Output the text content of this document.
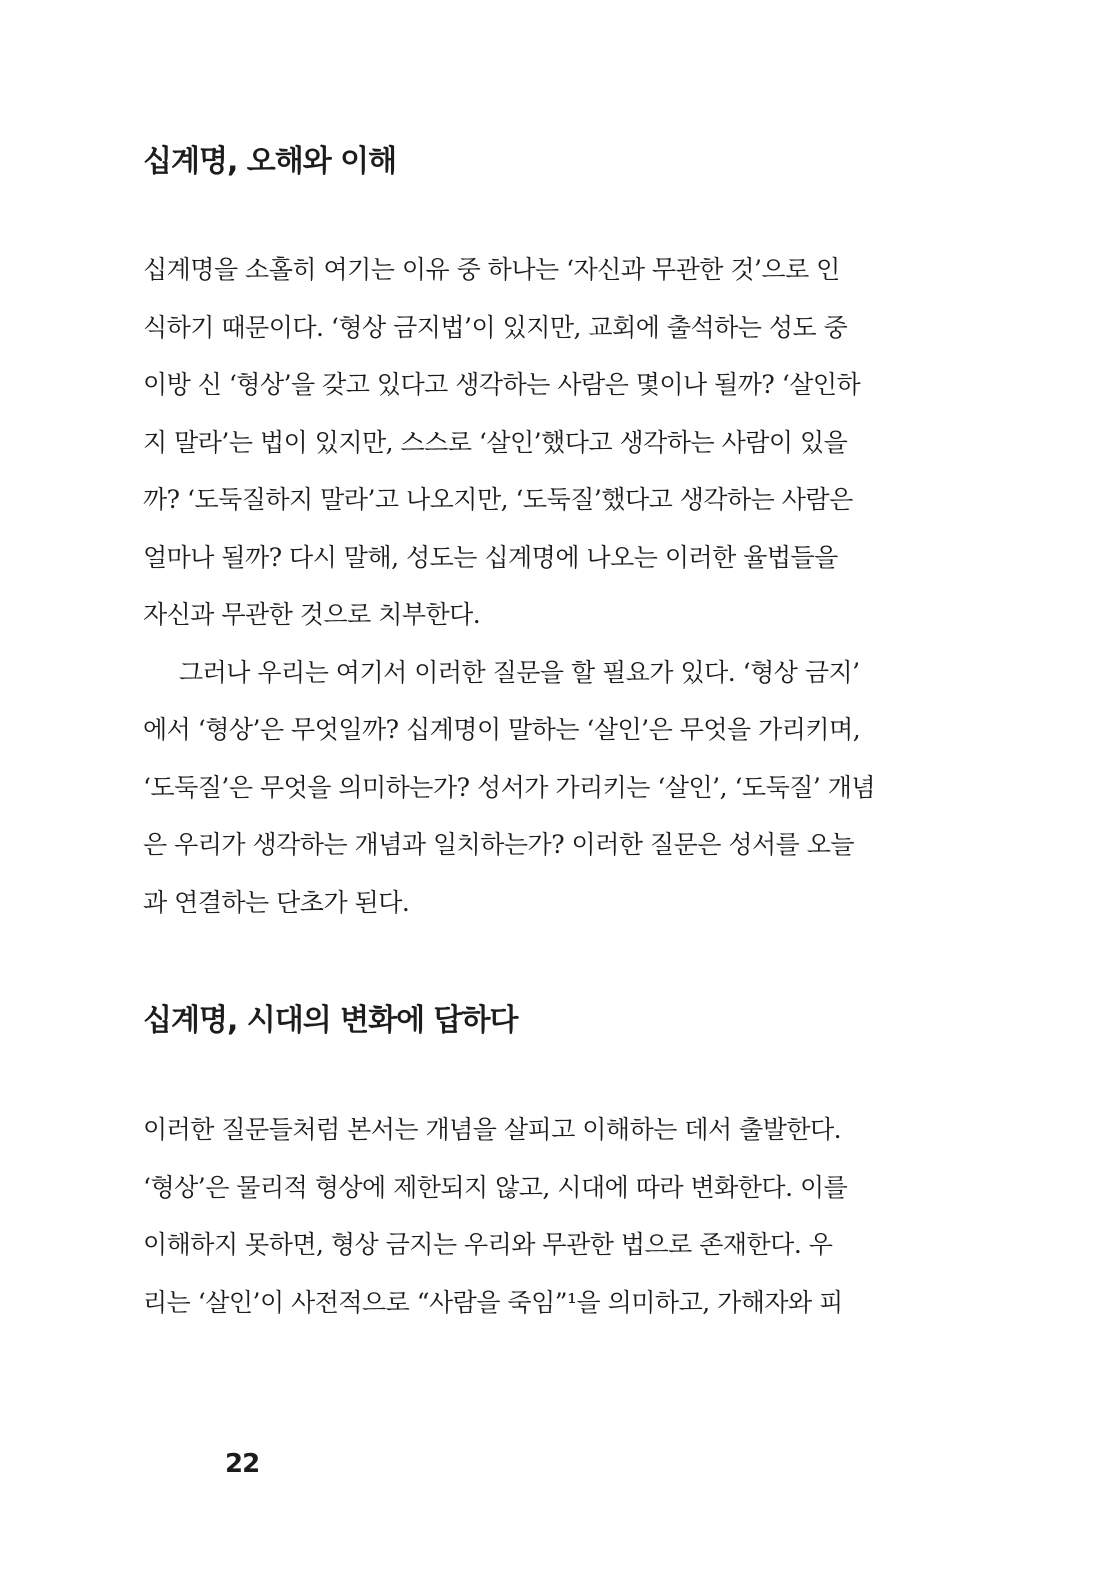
십계명, 오해와 이해
십계명을 소홀히 여기는 이유 중 하나는 ‘자신과 무관한 것’으로 인
식하기 때문이다. ‘형상 금지법’이 있지만, 교회에 출석하는 성도 중
이방 신 ‘형상’을 갖고 있다고 생각하는 사람은 몇이나 될까? ‘살인하
지 말라’는 법이 있지만, 스스로 ‘살인’했다고 생각하는 사람이 있을
까? ‘도둑질하지 말라’고 나오지만, ‘도둑질’했다고 생각하는 사람은
얼마나 될까? 다시 말해, 성도는 십계명에 나오는 이러한 율법들을
자신과 무관한 것으로 치부한다.
그러나 우리는 여기서 이러한 질문을 할 필요가 있다. ‘형상 금지’
에서 ‘형상’은 무엇일까? 십계명이 말하는 ‘살인’은 무엇을 가리키며,
‘도둑질’은 무엇을 의미하는가? 성서가 가리키는 ‘살인’, ‘도둑질’ 개념
은 우리가 생각하는 개념과 일치하는가? 이러한 질문은 성서를 오늘
과 연결하는 단초가 된다.
십계명, 시대의 변화에 답하다
이러한 질문들처럼 본서는 개념을 살피고 이해하는 데서 출발한다.
‘형상’은 물리적 형상에 제한되지 않고, 시대에 따라 변화한다. 이를
이해하지 못하면, 형상 금지는 우리와 무관한 법으로 존재한다. 우
리는 ‘살인’이 사전적으로 “사람을 죽임”¹을 의미하고, 가해자와 피
22
